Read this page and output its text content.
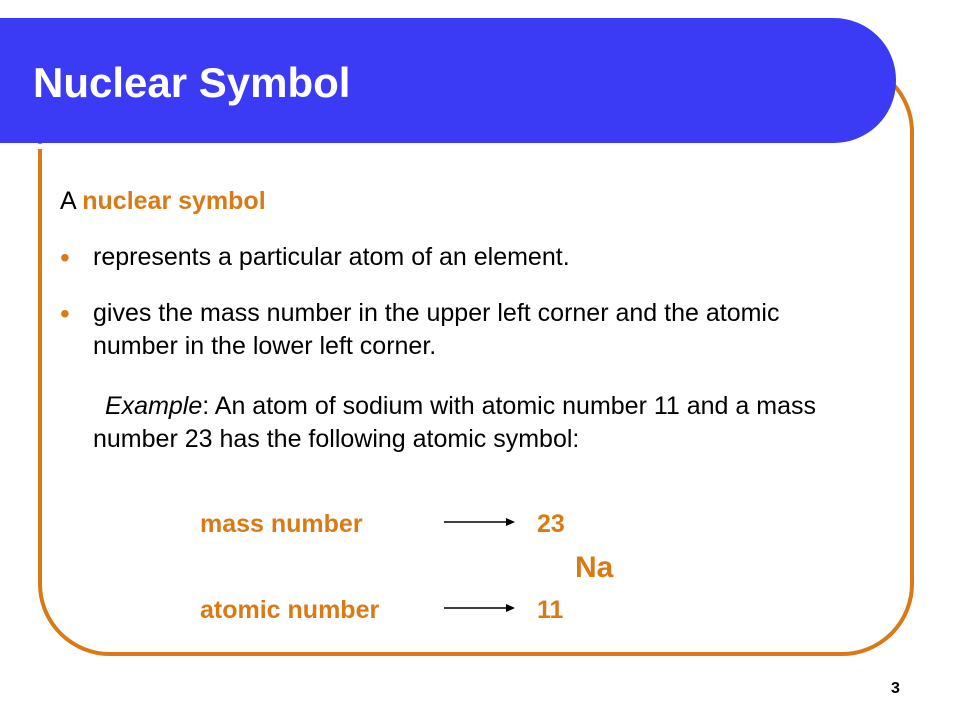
Nuclear Symbol
A nuclear symbol
• represents a particular atom of an element.
• gives the mass number in the upper left corner and the atomic number in the lower left corner.
Example: An atom of sodium with atomic number 11 and a mass number 23 has the following atomic symbol:
mass number	23
Na
atomic number	11
3
